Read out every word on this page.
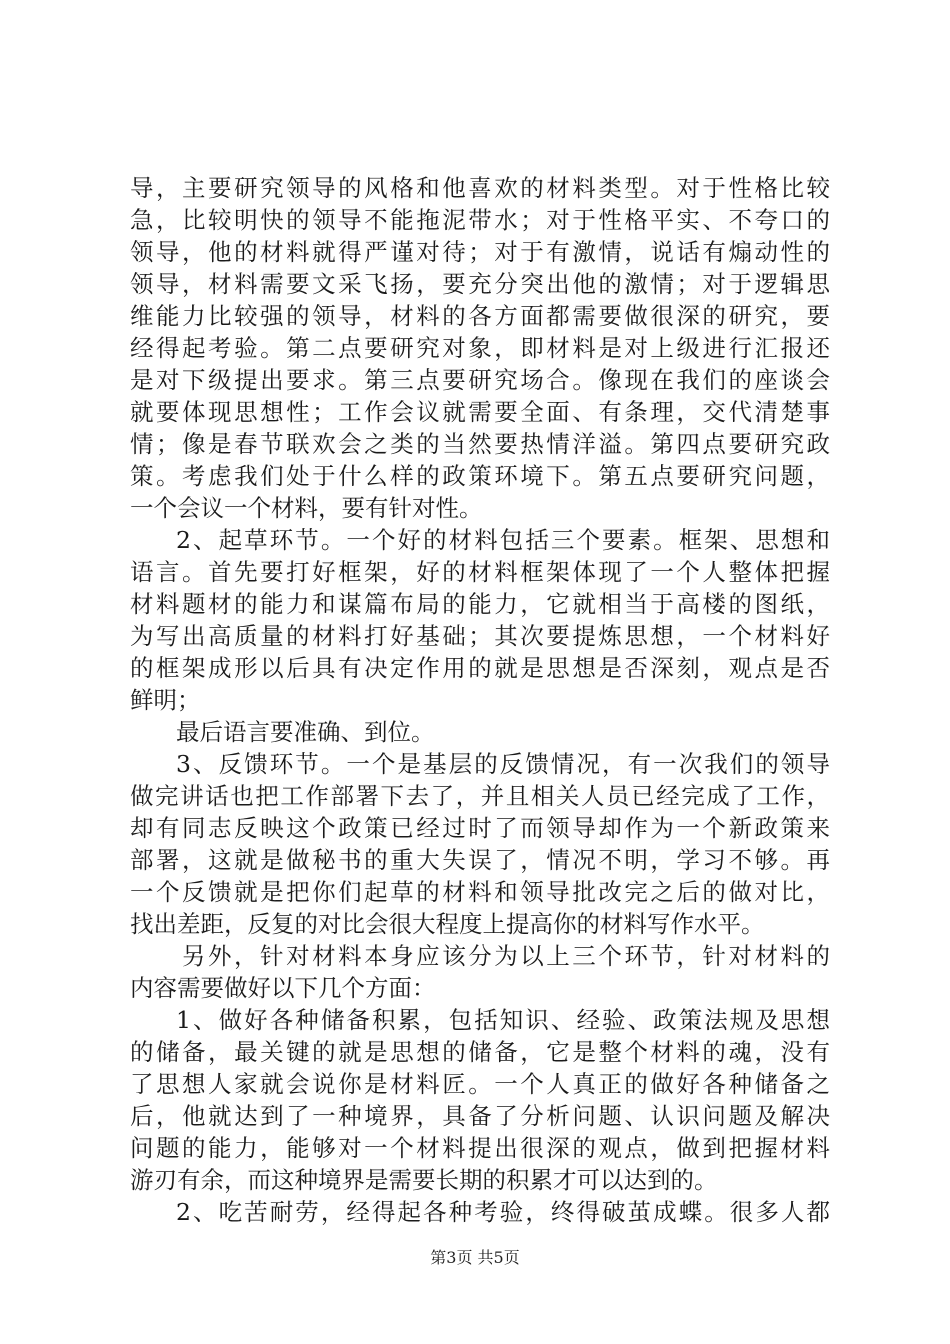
导，主要研究领导的风格和他喜欢的材料类型。对于性格比较
急，比较明快的领导不能拖泥带水；对于性格平实、不夸口的
领导，他的材料就得严谨对待；对于有激情，说话有煽动性的
领导，材料需要文采飞扬，要充分突出他的激情；对于逻辑思
维能力比较强的领导，材料的各方面都需要做很深的研究，要
经得起考验。第二点要研究对象，即材料是对上级进行汇报还
是对下级提出要求。第三点要研究场合。像现在我们的座谈会
就要体现思想性；工作会议就需要全面、有条理，交代清楚事
情；像是春节联欢会之类的当然要热情洋溢。第四点要研究政
策。考虑我们处于什么样的政策环境下。第五点要研究问题，
一个会议一个材料，要有针对性。
2、起草环节。一个好的材料包括三个要素。框架、思想和
语言。首先要打好框架，好的材料框架体现了一个人整体把握
材料题材的能力和谋篇布局的能力，它就相当于高楼的图纸，
为写出高质量的材料打好基础；其次要提炼思想，一个材料好
的框架成形以后具有决定作用的就是思想是否深刻，观点是否
鲜明；
最后语言要准确、到位。
3、反馈环节。一个是基层的反馈情况，有一次我们的领导
做完讲话也把工作部署下去了，并且相关人员已经完成了工作，
却有同志反映这个政策已经过时了而领导却作为一个新政策来
部署，这就是做秘书的重大失误了，情况不明，学习不够。再
一个反馈就是把你们起草的材料和领导批改完之后的做对比，
找出差距，反复的对比会很大程度上提高你的材料写作水平。
另外，针对材料本身应该分为以上三个环节，针对材料的
内容需要做好以下几个方面：
1、做好各种储备积累，包括知识、经验、政策法规及思想
的储备，最关键的就是思想的储备，它是整个材料的魂，没有
了思想人家就会说你是材料匠。一个人真正的做好各种储备之
后，他就达到了一种境界，具备了分析问题、认识问题及解决
问题的能力，能够对一个材料提出很深的观点，做到把握材料
游刃有余，而这种境界是需要长期的积累才可以达到的。
2、吃苦耐劳，经得起各种考验，终得破茧成蝶。很多人都
第3页 共5页
